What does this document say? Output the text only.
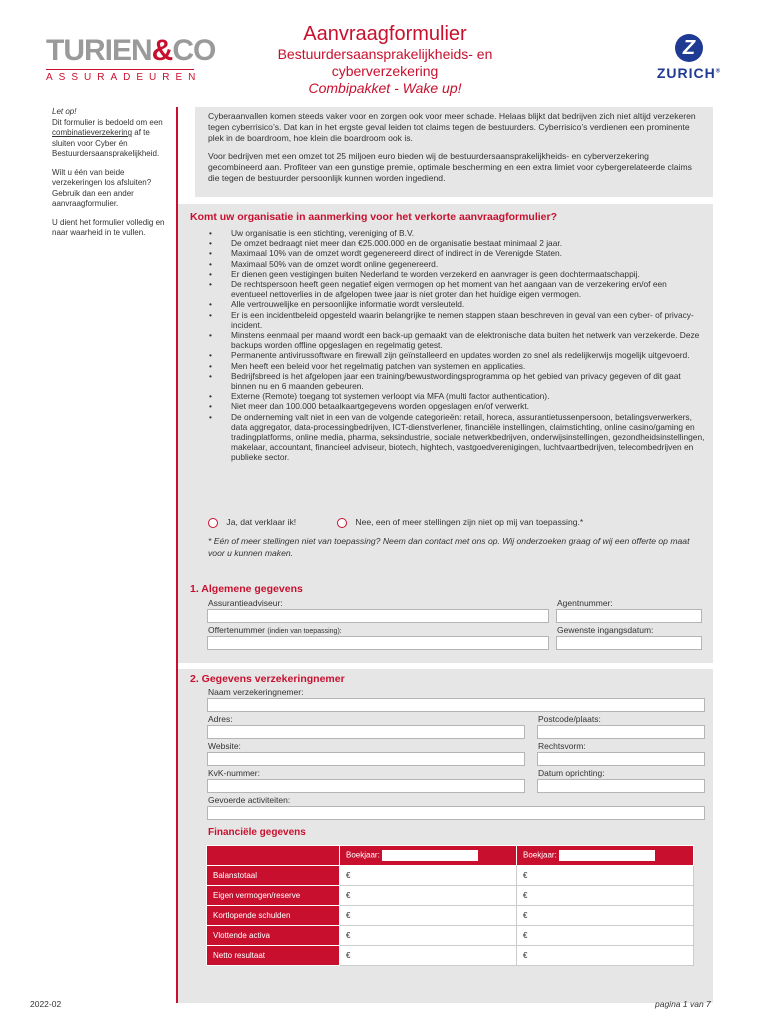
TURIEN&CO
ASSURADEUREN
Aanvraagformulier
Bestuurdersaansprakelijkheids- en cyberverzekering
Combipakket - Wake up!
Z
ZURICH®

Let op!
Dit formulier is bedoeld om een combinatieverzekering af te sluiten voor Cyber én Bestuurdersaansprakelijkheid.

Wilt u één van beide verzekeringen los afsluiten? Gebruik dan een ander aanvraagformulier.

U dient het formulier volledig en naar waarheid in te vullen.

Cyberaanvallen komen steeds vaker voor en zorgen ook voor meer schade. Helaas blijkt dat bedrijven zich niet altijd verzekeren tegen cyberrisico’s. Dat kan in het ergste geval leiden tot claims tegen de bestuurders. Cyberrisico’s verdienen een prominente plek in de boardroom, hoe klein die boardroom ook is.

Voor bedrijven met een omzet tot 25 miljoen euro bieden wij de bestuurdersaansprakelijkheids- en cyberverzekering gecombineerd aan. Profiteer van een gunstige premie, optimale bescherming en een extra limiet voor cybergerelateerde claims die tegen de bestuurder persoonlijk kunnen worden ingediend.

Komt uw organisatie in aanmerking voor het verkorte aanvraagformulier?
• Uw organisatie is een stichting, vereniging of B.V.
• De omzet bedraagt niet meer dan €25.000.000 en de organisatie bestaat minimaal 2 jaar.
• Maximaal 10% van de omzet wordt gegenereerd direct of indirect in de Verenigde Staten.
• Maximaal 50% van de omzet wordt online gegenereerd.
• Er dienen geen vestigingen buiten Nederland te worden verzekerd en aanvrager is geen dochtermaatschappij.
• De rechtspersoon heeft geen negatief eigen vermogen op het moment van het aangaan van de verzekering en/of een eventueel nettoverlies in de afgelopen twee jaar is niet groter dan het huidige eigen vermogen.
• Alle vertrouwelijke en persoonlijke informatie wordt versleuteld.
• Er is een incidentbeleid opgesteld waarin belangrijke te nemen stappen staan beschreven in geval van een cyber- of privacy-incident.
• Minstens eenmaal per maand wordt een back-up gemaakt van de elektronische data buiten het netwerk van verzekerde. Deze backups worden offline opgeslagen en regelmatig getest.
• Permanente antivirussoftware en firewall zijn geïnstalleerd en updates worden zo snel als redelijkerwijs mogelijk uitgevoerd.
• Men heeft een beleid voor het regelmatig patchen van systemen en applicaties.
• Bedrijfsbreed is het afgelopen jaar een training/bewustwordingsprogramma op het gebied van privacy gegeven of dit gaat binnen nu en 6 maanden gebeuren.
• Externe (Remote) toegang tot systemen verloopt via MFA (multi factor authentication).
• Niet meer dan 100.000 betaalkaartgegevens worden opgeslagen en/of verwerkt.
• De onderneming valt niet in een van de volgende categorieën: retail, horeca, assurantietussenpersoon, betalingsverwerkers, data aggregator, data-processingbedrijven, ICT-dienstverlener, financiële instellingen, claimstichting, online casino/gaming en tradingplatforms, online media, pharma, seksindustrie, sociale netwerkbedrijven, onderwijsinstellingen, gezondheidsinstellingen, makelaar, accountant, financieel adviseur, biotech, hightech, vastgoedverenigingen, luchtvaartbedrijven, telecombedrijven en publieke sector.
Ja, dat verklaar ik!	Nee, een of meer stellingen zijn niet op mij van toepassing.*
* Eén of meer stellingen niet van toepassing? Neem dan contact met ons op. Wij onderzoeken graag of wij een offerte op maat voor u kunnen maken.
1. Algemene gegevens
Assurantieadviseur:	Agentnummer:
Offertenummer (indien van toepassing):	Gewenste ingangsdatum:
2. Gegevens verzekeringnemer
Naam verzekeringnemer:
Adres:	Postcode/plaats:
Website:	Rechtsvorm:
KvK-nummer:	Datum oprichting:
Gevoerde activiteiten:
Financiële gegevens
	Boekjaar:	Boekjaar:
Balanstotaal	€	€
Eigen vermogen/reserve	€	€
Kortlopende schulden	€	€
Vlottende activa	€	€
Netto resultaat	€	€
2022-02	pagina 1 van 7
